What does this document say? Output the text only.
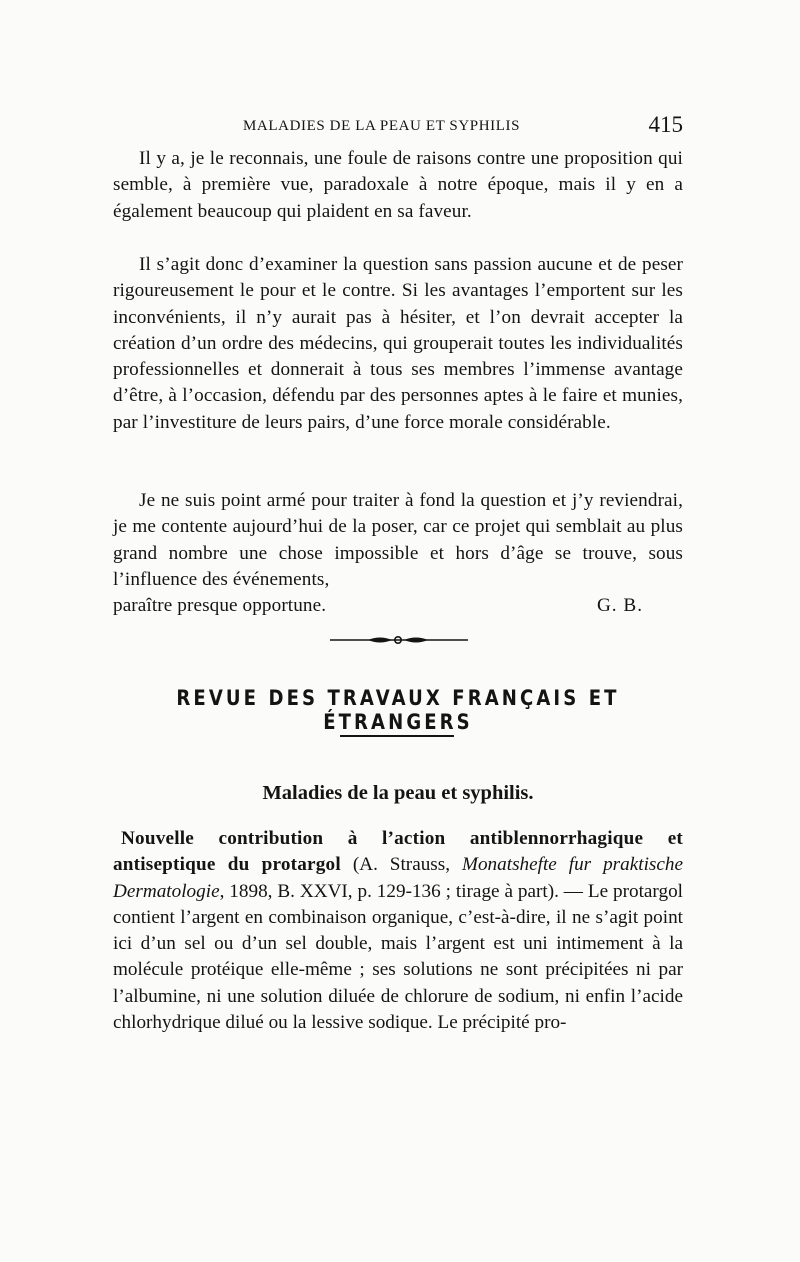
MALADIES DE LA PEAU ET SYPHILIS	415

Il y a, je le reconnais, une foule de raisons contre une proposition qui semble, à première vue, paradoxale à notre époque, mais il y en a également beaucoup qui plaident en sa faveur.

Il s’agit donc d’examiner la question sans passion aucune et de peser rigoureusement le pour et le contre. Si les avantages l’emportent sur les inconvénients, il n’y aurait pas à hésiter, et l’on devrait accepter la création d’un ordre des médecins, qui grouperait toutes les individualités professionnelles et donnerait à tous ses membres l’immense avantage d’être, à l’occasion, défendu par des personnes aptes à le faire et munies, par l’investiture de leurs pairs, d’une force morale considérable.

Je ne suis point armé pour traiter à fond la question et j’y reviendrai, je me contente aujourd’hui de la poser, car ce projet qui semblait au plus grand nombre une chose impossible et hors d’âge se trouve, sous l’influence des événements,

paraître presque opportune.	G. B.
REVUE DES TRAVAUX FRANÇAIS ET ÉTRANGERS
Maladies de la peau et syphilis.

Nouvelle contribution à l’action antiblennorrhagique et antiseptique du protargol (A. Strauss, Monatshefte fur praktische Dermatologie, 1898, B. XXVI, p. 129-136 ; tirage à part). — Le protargol contient l’argent en combinaison organique, c’est-à-dire, il ne s’agit point ici d’un sel ou d’un sel double, mais l’argent est uni intimement à la molécule protéique elle-même ; ses solutions ne sont précipitées ni par l’albumine, ni une solution diluée de chlorure de sodium, ni enfin l’acide chlorhydrique dilué ou la lessive sodique. Le précipité pro-
